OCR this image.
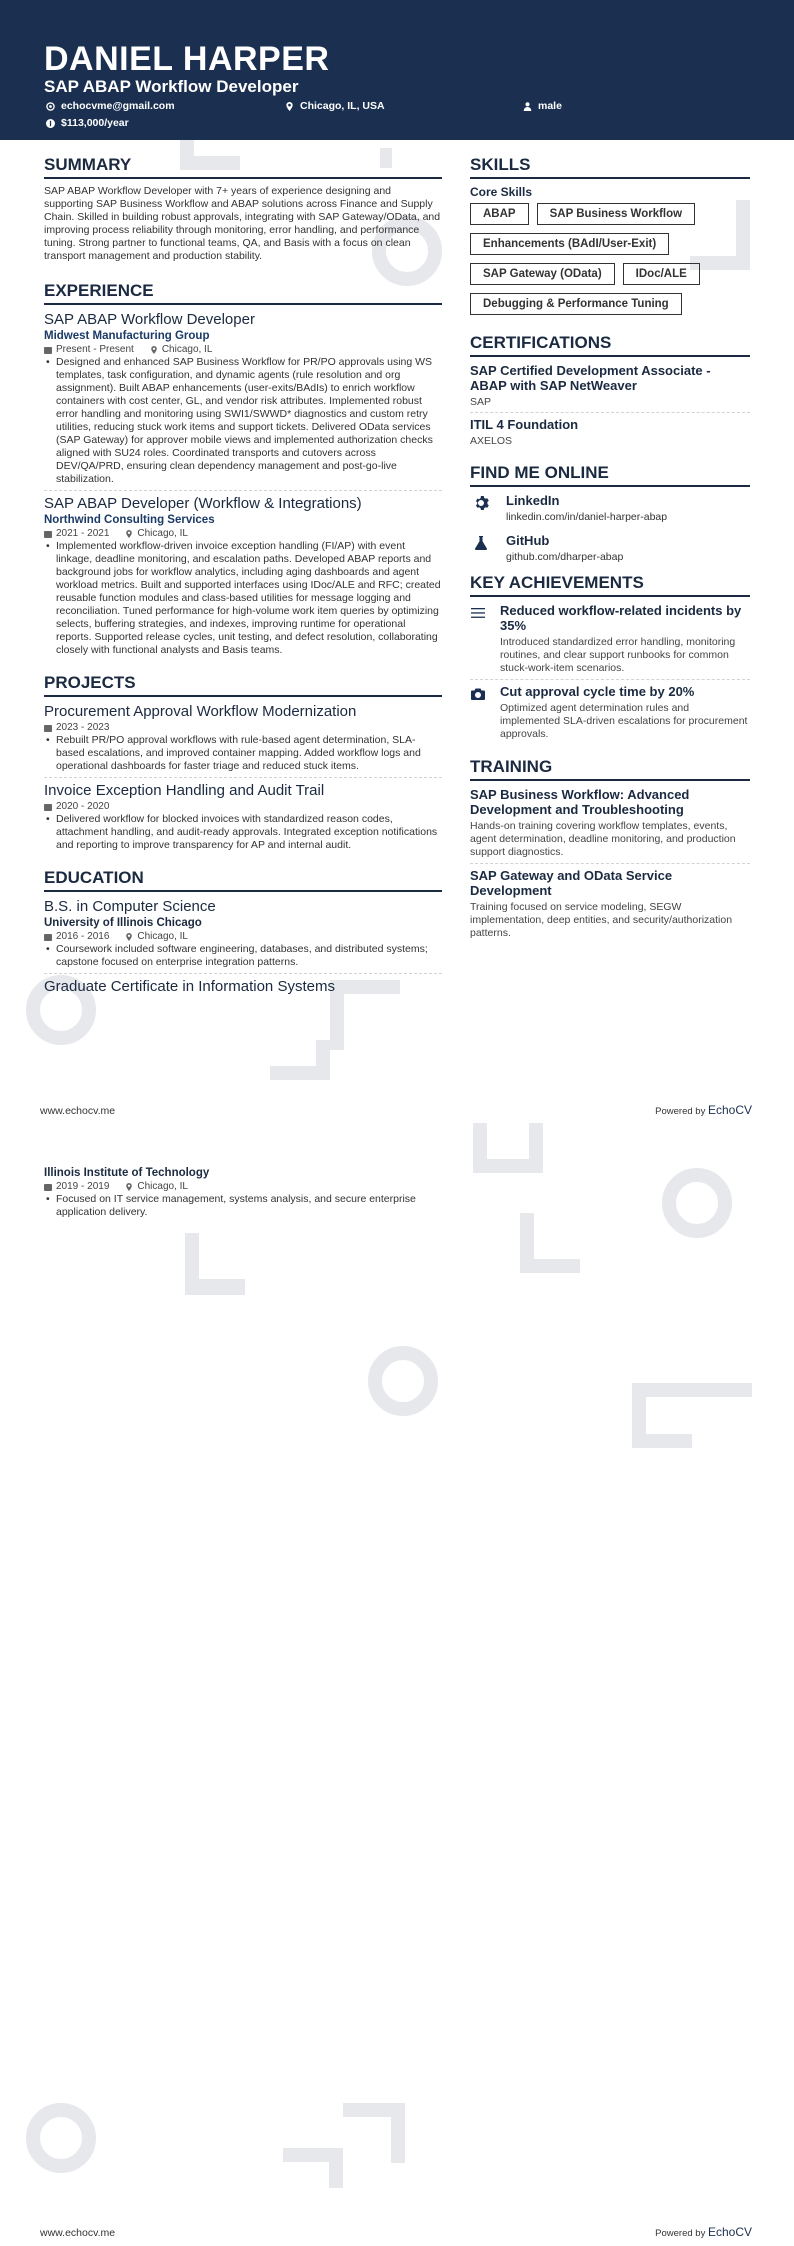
DANIEL HARPER
SAP ABAP Workflow Developer
echocvme@gmail.com	Chicago, IL, USA	male
$113,000/year
SUMMARY
SAP ABAP Workflow Developer with 7+ years of experience designing and supporting SAP Business Workflow and ABAP solutions across Finance and Supply Chain. Skilled in building robust approvals, integrating with SAP Gateway/OData, and improving process reliability through monitoring, error handling, and performance tuning. Strong partner to functional teams, QA, and Basis with a focus on clean transport management and production stability.
EXPERIENCE
SAP ABAP Workflow Developer
Midwest Manufacturing Group
Present - Present	Chicago, IL
• Designed and enhanced SAP Business Workflow for PR/PO approvals using WS templates, task configuration, and dynamic agents (rule resolution and org assignment). Built ABAP enhancements (user-exits/BAdIs) to enrich workflow containers with cost center, GL, and vendor risk attributes. Implemented robust error handling and monitoring using SWI1/SWWD* diagnostics and custom retry utilities, reducing stuck work items and support tickets. Delivered OData services (SAP Gateway) for approver mobile views and implemented authorization checks aligned with SU24 roles. Coordinated transports and cutovers across DEV/QA/PRD, ensuring clean dependency management and post-go-live stabilization.
SAP ABAP Developer (Workflow & Integrations)
Northwind Consulting Services
2021 - 2021	Chicago, IL
• Implemented workflow-driven invoice exception handling (FI/AP) with event linkage, deadline monitoring, and escalation paths. Developed ABAP reports and background jobs for workflow analytics, including aging dashboards and agent workload metrics. Built and supported interfaces using IDoc/ALE and RFC; created reusable function modules and class-based utilities for message logging and reconciliation. Tuned performance for high-volume work item queries by optimizing selects, buffering strategies, and indexes, improving runtime for operational reports. Supported release cycles, unit testing, and defect resolution, collaborating closely with functional analysts and Basis teams.
PROJECTS
Procurement Approval Workflow Modernization
2023 - 2023
• Rebuilt PR/PO approval workflows with rule-based agent determination, SLA-based escalations, and improved container mapping. Added workflow logs and operational dashboards for faster triage and reduced stuck items.
Invoice Exception Handling and Audit Trail
2020 - 2020
• Delivered workflow for blocked invoices with standardized reason codes, attachment handling, and audit-ready approvals. Integrated exception notifications and reporting to improve transparency for AP and internal audit.
EDUCATION
B.S. in Computer Science
University of Illinois Chicago
2016 - 2016	Chicago, IL
• Coursework included software engineering, databases, and distributed systems; capstone focused on enterprise integration patterns.
Graduate Certificate in Information Systems
SKILLS
Core Skills
ABAP	SAP Business Workflow
Enhancements (BAdI/User-Exit)
SAP Gateway (OData)	IDoc/ALE
Debugging & Performance Tuning
CERTIFICATIONS
SAP Certified Development Associate - ABAP with SAP NetWeaver
SAP
ITIL 4 Foundation
AXELOS
FIND ME ONLINE
LinkedIn
linkedin.com/in/daniel-harper-abap
GitHub
github.com/dharper-abap
KEY ACHIEVEMENTS
Reduced workflow-related incidents by 35%
Introduced standardized error handling, monitoring routines, and clear support runbooks for common stuck-work-item scenarios.
Cut approval cycle time by 20%
Optimized agent determination rules and implemented SLA-driven escalations for procurement approvals.
TRAINING
SAP Business Workflow: Advanced Development and Troubleshooting
Hands-on training covering workflow templates, events, agent determination, deadline monitoring, and production support diagnostics.
SAP Gateway and OData Service Development
Training focused on service modeling, SEGW implementation, deep entities, and security/authorization patterns.
www.echocv.me	Powered by EchoCV
Illinois Institute of Technology
2019 - 2019	Chicago, IL
• Focused on IT service management, systems analysis, and secure enterprise application delivery.
www.echocv.me	Powered by EchoCV
